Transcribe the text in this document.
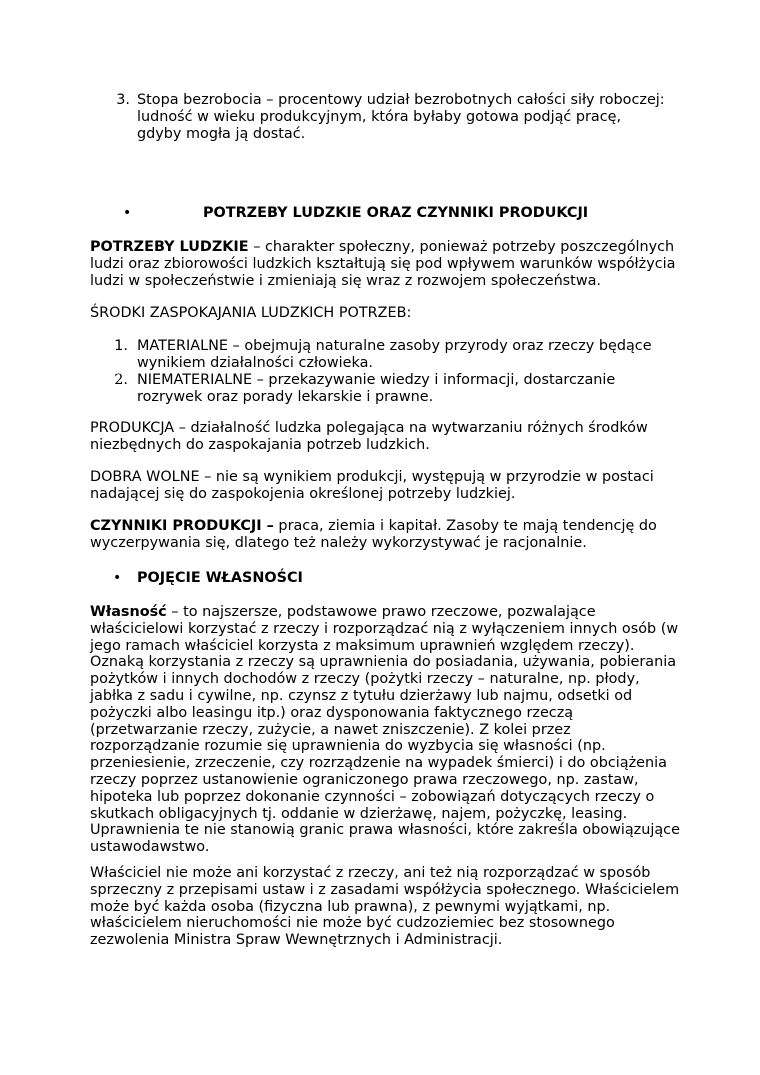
3. Stopa bezrobocia – procentowy udział bezrobotnych całości siły roboczej: ludność w wieku produkcyjnym, która byłaby gotowa podjąć pracę, gdyby mogła ją dostać.

•	POTRZEBY LUDZKIE ORAZ CZYNNIKI PRODUKCJI

POTRZEBY LUDZKIE – charakter społeczny, ponieważ potrzeby poszczególnych ludzi oraz zbiorowości ludzkich kształtują się pod wpływem warunków współżycia ludzi w społeczeństwie i zmieniają się wraz z rozwojem społeczeństwa.

ŚRODKI ZASPOKAJANIA LUDZKICH POTRZEB:

1. MATERIALNE – obejmują naturalne zasoby przyrody oraz rzeczy będące wynikiem działalności człowieka.

2. NIEMATERIALNE – przekazywanie wiedzy i informacji, dostarczanie rozrywek oraz porady lekarskie i prawne.

PRODUKCJA – działalność ludzka polegająca na wytwarzaniu różnych środków niezbędnych do zaspokajania potrzeb ludzkich.

DOBRA WOLNE – nie są wynikiem produkcji, występują w przyrodzie w postaci nadającej się do zaspokojenia określonej potrzeby ludzkiej.

CZYNNIKI PRODUKCJI – praca, ziemia i kapitał. Zasoby te mają tendencję do wyczerpywania się, dlatego też należy wykorzystywać je racjonalnie.

• POJĘCIE WŁASNOŚCI

Własność – to najszersze, podstawowe prawo rzeczowe, pozwalające właścicielowi korzystać z rzeczy i rozporządzać nią z wyłączeniem innych osób (w jego ramach właściciel korzysta z maksimum uprawnień względem rzeczy). Oznaką korzystania z rzeczy są uprawnienia do posiadania, używania, pobierania pożytków i innych dochodów z rzeczy (pożytki rzeczy – naturalne, np. płody, jabłka z sadu i cywilne, np. czynsz z tytułu dzierżawy lub najmu, odsetki od pożyczki albo leasingu itp.) oraz dysponowania faktycznego rzeczą (przetwarzanie rzeczy, zużycie, a nawet zniszczenie). Z kolei przez rozporządzanie rozumie się uprawnienia do wyzbycia się własności (np. przeniesienie, zrzeczenie, czy rozrządzenie na wypadek śmierci) i do obciążenia rzeczy poprzez ustanowienie ograniczonego prawa rzeczowego, np. zastaw, hipoteka lub poprzez dokonanie czynności – zobowiązań dotyczących rzeczy o skutkach obligacyjnych tj. oddanie w dzierżawę, najem, pożyczkę, leasing. Uprawnienia te nie stanowią granic prawa własności, które zakreśla obowiązujące ustawodawstwo.

Właściciel nie może ani korzystać z rzeczy, ani też nią rozporządzać w sposób sprzeczny z przepisami ustaw i z zasadami współżycia społecznego. Właścicielem może być każda osoba (fizyczna lub prawna), z pewnymi wyjątkami, np. właścicielem nieruchomości nie może być cudzoziemiec bez stosownego zezwolenia Ministra Spraw Wewnętrznych i Administracji.
